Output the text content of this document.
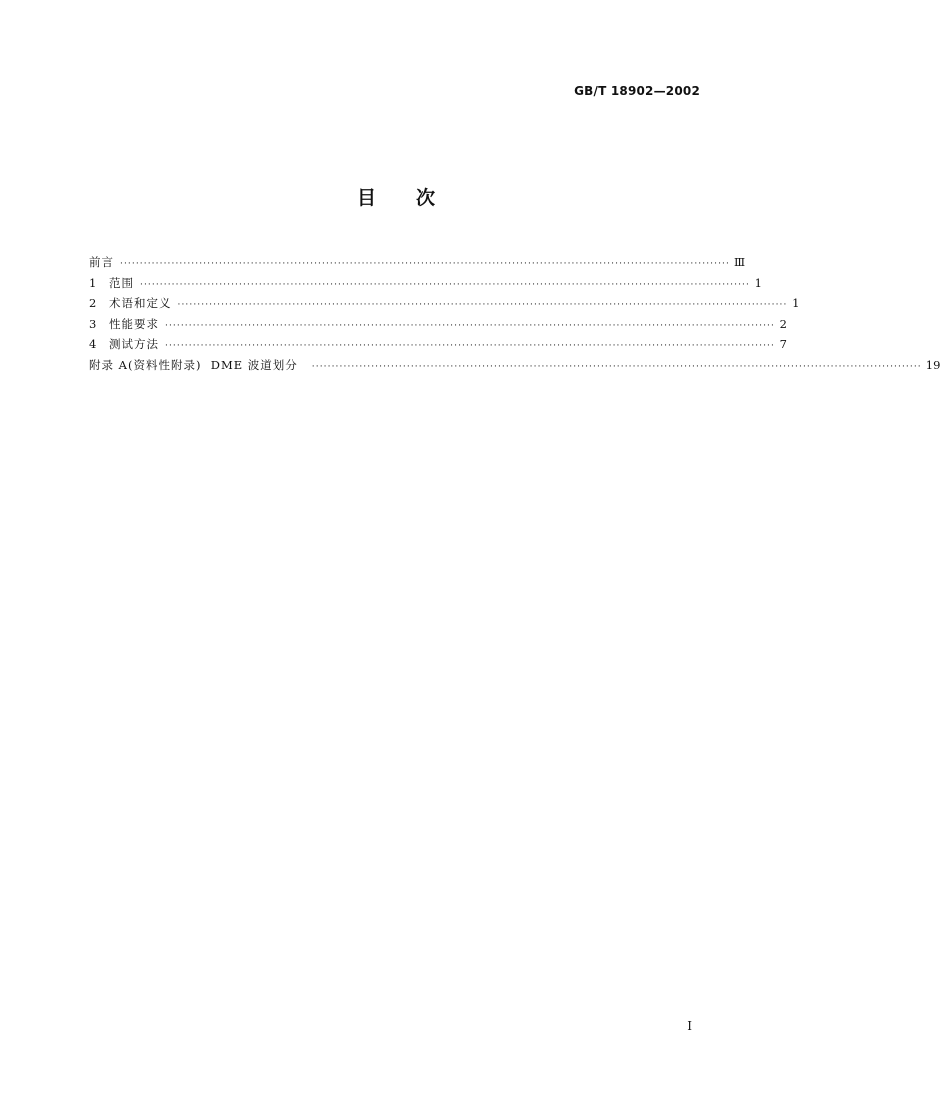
GB/T 18902—2002
目 次
前言 ·························································································································································· Ⅲ
1	范围 ·························································································································································· 1
2	术语和定义 ·························································································································································· 1
3	性能要求 ·························································································································································· 2
4	测试方法 ·························································································································································· 7
附录 A(资料性附录)  DME 波道划分 ·························································································································································· 19
I
